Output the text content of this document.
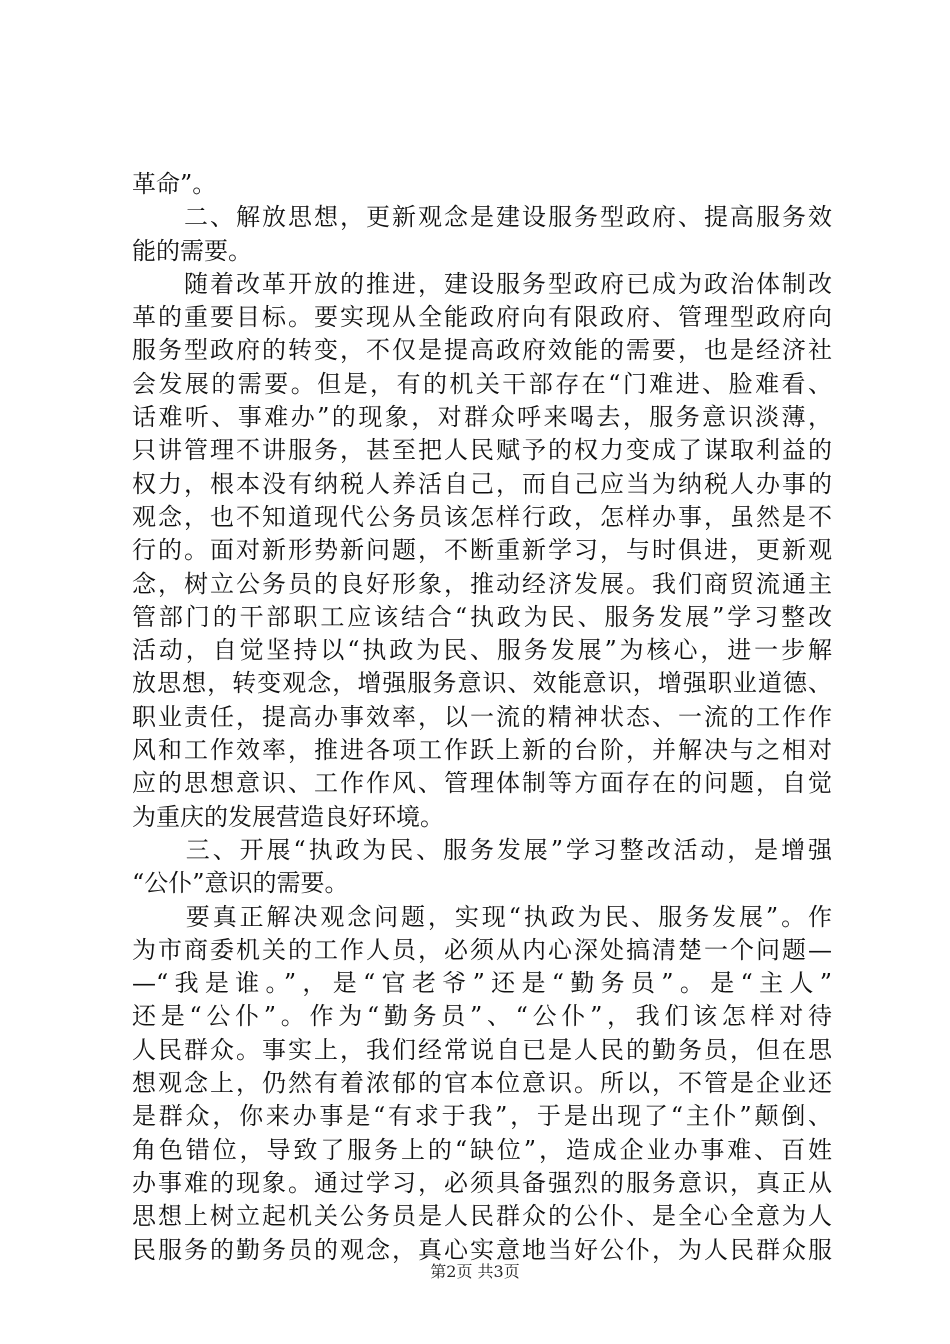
革命”。
　　二、解放思想，更新观念是建设服务型政府、提高服务效
能的需要。
　　随着改革开放的推进，建设服务型政府已成为政治体制改
革的重要目标。要实现从全能政府向有限政府、管理型政府向
服务型政府的转变，不仅是提高政府效能的需要，也是经济社
会发展的需要。但是，有的机关干部存在“门难进、脸难看、
话难听、事难办”的现象，对群众呼来喝去，服务意识淡薄，
只讲管理不讲服务，甚至把人民赋予的权力变成了谋取利益的
权力，根本没有纳税人养活自己，而自己应当为纳税人办事的
观念，也不知道现代公务员该怎样行政，怎样办事，虽然是不
行的。面对新形势新问题，不断重新学习，与时俱进，更新观
念，树立公务员的良好形象，推动经济发展。我们商贸流通主
管部门的干部职工应该结合“执政为民、服务发展”学习整改
活动，自觉坚持以“执政为民、服务发展”为核心，进一步解
放思想，转变观念，增强服务意识、效能意识，增强职业道德、
职业责任，提高办事效率，以一流的精神状态、一流的工作作
风和工作效率，推进各项工作跃上新的台阶，并解决与之相对
应的思想意识、工作作风、管理体制等方面存在的问题，自觉
为重庆的发展营造良好环境。
　　三、开展“执政为民、服务发展”学习整改活动，是增强
“公仆”意识的需要。
　　要真正解决观念问题，实现“执政为民、服务发展”。作
为市商委机关的工作人员，必须从内心深处搞清楚一个问题—
—“我是谁。”，是“官老爷”还是“勤务员”。是“主人”
还是“公仆”。作为“勤务员”、“公仆”，我们该怎样对待
人民群众。事实上，我们经常说自已是人民的勤务员，但在思
想观念上，仍然有着浓郁的官本位意识。所以，不管是企业还
是群众，你来办事是“有求于我”，于是出现了“主仆”颠倒、
角色错位，导致了服务上的“缺位”，造成企业办事难、百姓
办事难的现象。通过学习，必须具备强烈的服务意识，真正从
思想上树立起机关公务员是人民群众的公仆、是全心全意为人
民服务的勤务员的观念，真心实意地当好公仆，为人民群众服
第2页 共3页
